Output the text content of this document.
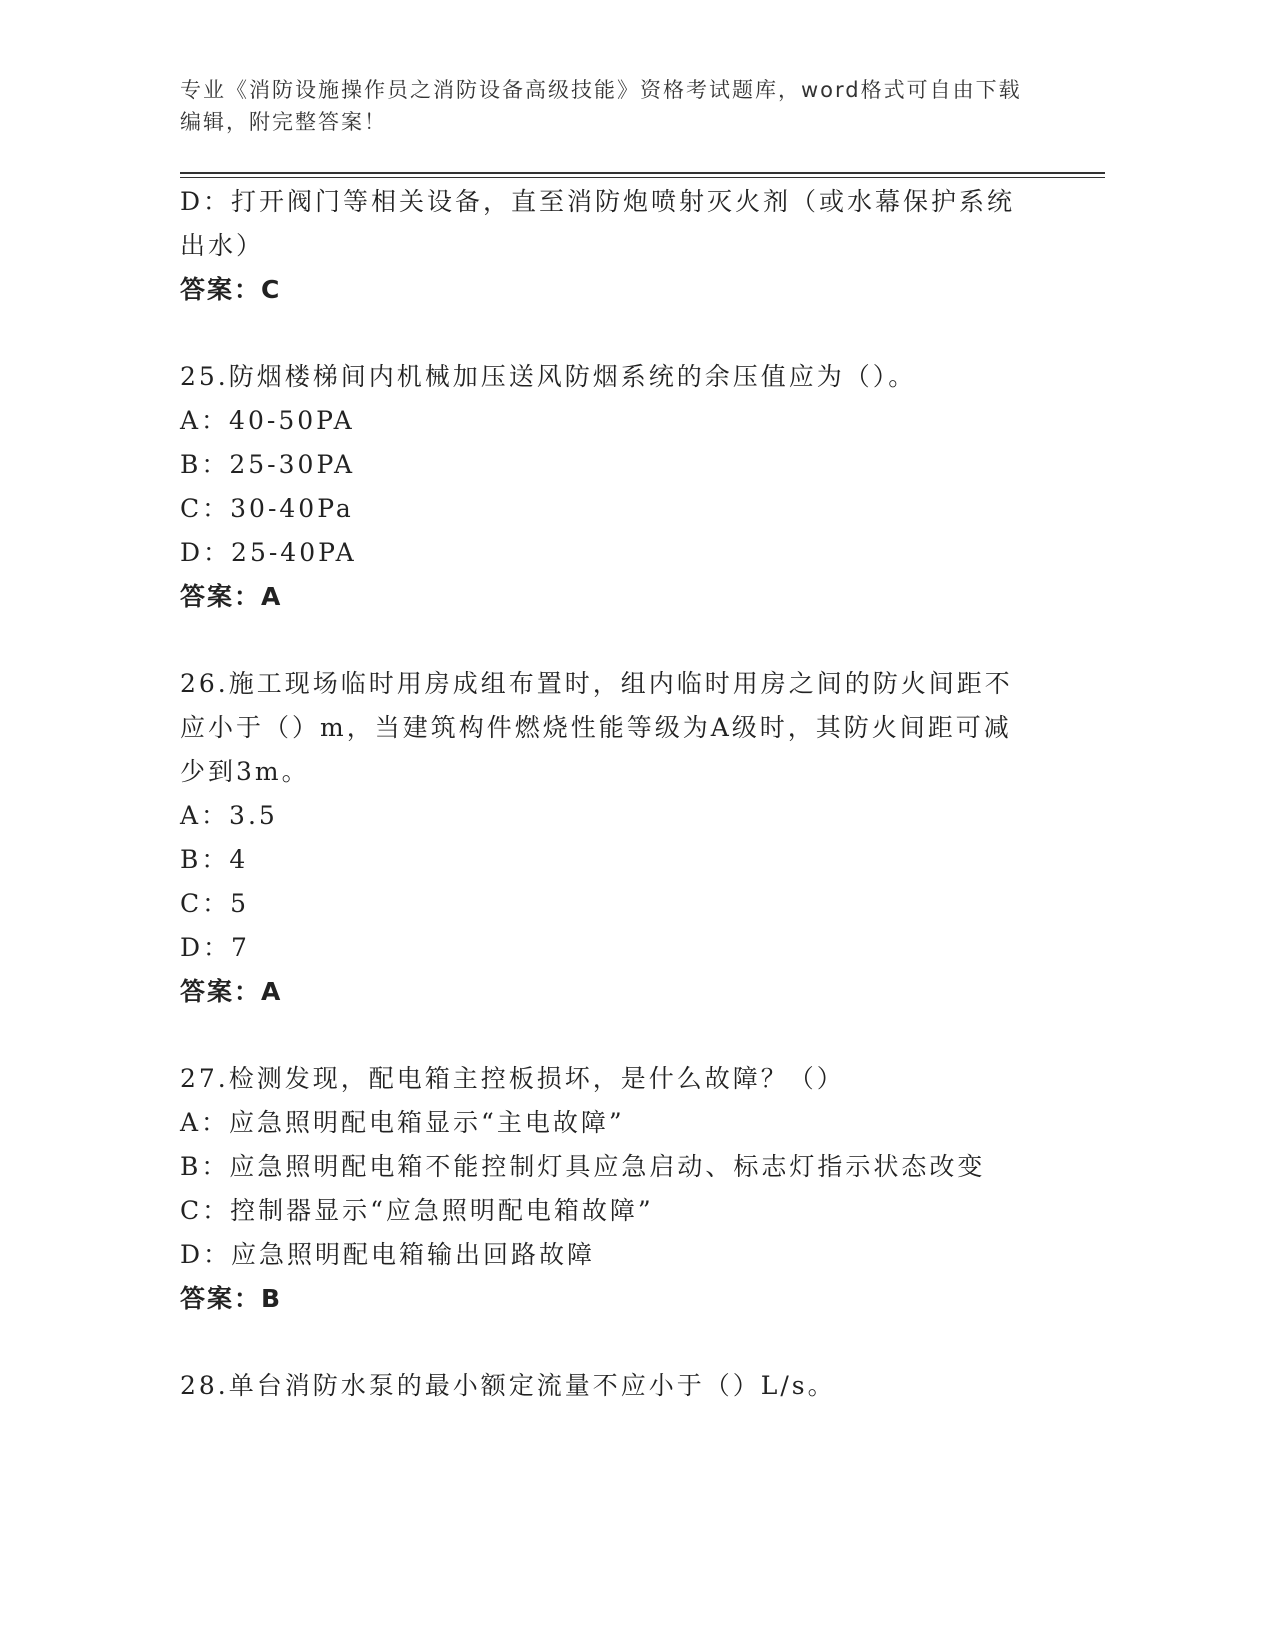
专业《消防设施操作员之消防设备高级技能》资格考试题库，word格式可自由下载编辑，附完整答案！

D：打开阀门等相关设备，直至消防炮喷射灭火剂（或水幕保护系统出水）

答案：C

25.防烟楼梯间内机械加压送风防烟系统的余压值应为（）。

A：40-50PA

B：25-30PA

C：30-40Pa

D：25-40PA

答案：A

26.施工现场临时用房成组布置时，组内临时用房之间的防火间距不应小于（）m，当建筑构件燃烧性能等级为A级时，其防火间距可减少到3m。

A：3.5

B：4

C：5

D：7

答案：A

27.检测发现，配电箱主控板损坏，是什么故障？（）

A：应急照明配电箱显示“主电故障”

B：应急照明配电箱不能控制灯具应急启动、标志灯指示状态改变

C：控制器显示“应急照明配电箱故障”

D：应急照明配电箱输出回路故障

答案：B

28.单台消防水泵的最小额定流量不应小于（）L/s。
